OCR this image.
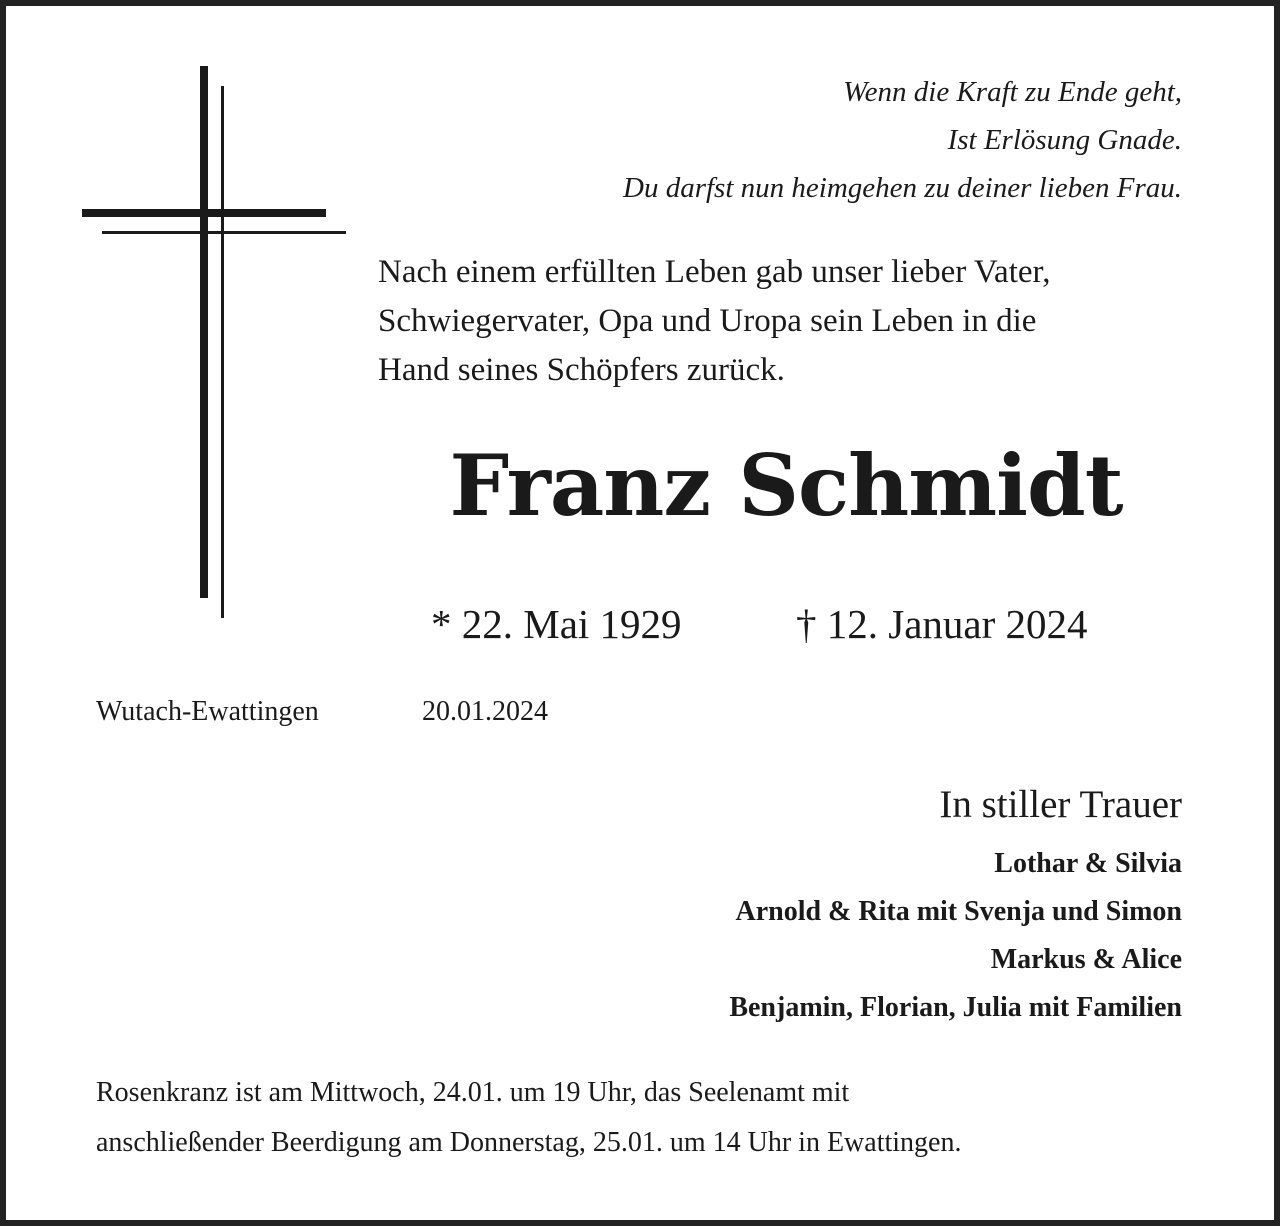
Wenn die Kraft zu Ende geht,
Ist Erlösung Gnade.
Du darfst nun heimgehen zu deiner lieben Frau.
Nach einem erfüllten Leben gab unser lieber Vater,
Schwiegervater, Opa und Uropa sein Leben in die
Hand seines Schöpfers zurück.
Franz Schmidt
* 22. Mai 1929	† 12. Januar 2024
Wutach-Ewattingen	20.01.2024
In stiller Trauer
Lothar & Silvia
Arnold & Rita mit Svenja und Simon
Markus & Alice
Benjamin, Florian, Julia mit Familien
Rosenkranz ist am Mittwoch, 24.01. um 19 Uhr, das Seelenamt mit
anschließender Beerdigung am Donnerstag, 25.01. um 14 Uhr in Ewattingen.
